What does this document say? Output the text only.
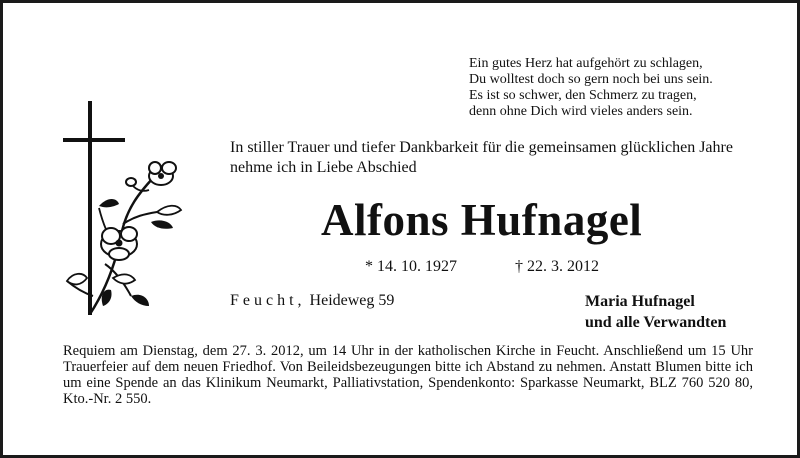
Ein gutes Herz hat aufgehört zu schlagen,
Du wolltest doch so gern noch bei uns sein.
Es ist so schwer, den Schmerz zu tragen,
denn ohne Dich wird vieles anders sein.
In stiller Trauer und tiefer Dankbarkeit für die gemeinsamen glücklichen Jahre nehme ich in Liebe Abschied
Alfons Hufnagel
* 14. 10. 1927	† 22. 3. 2012
Feucht, Heideweg 59	Maria Hufnagel
und alle Verwandten
Requiem am Dienstag, dem 27. 3. 2012, um 14 Uhr in der katholischen Kirche in Feucht. Anschließend um 15 Uhr Trauerfeier auf dem neuen Friedhof. Von Beileidsbezeugungen bitte ich Abstand zu nehmen. Anstatt Blumen bitte ich um eine Spende an das Klinikum Neumarkt, Palliativstation, Spendenkonto: Sparkasse Neumarkt, BLZ 760 520 80, Kto.-Nr. 2 550.
